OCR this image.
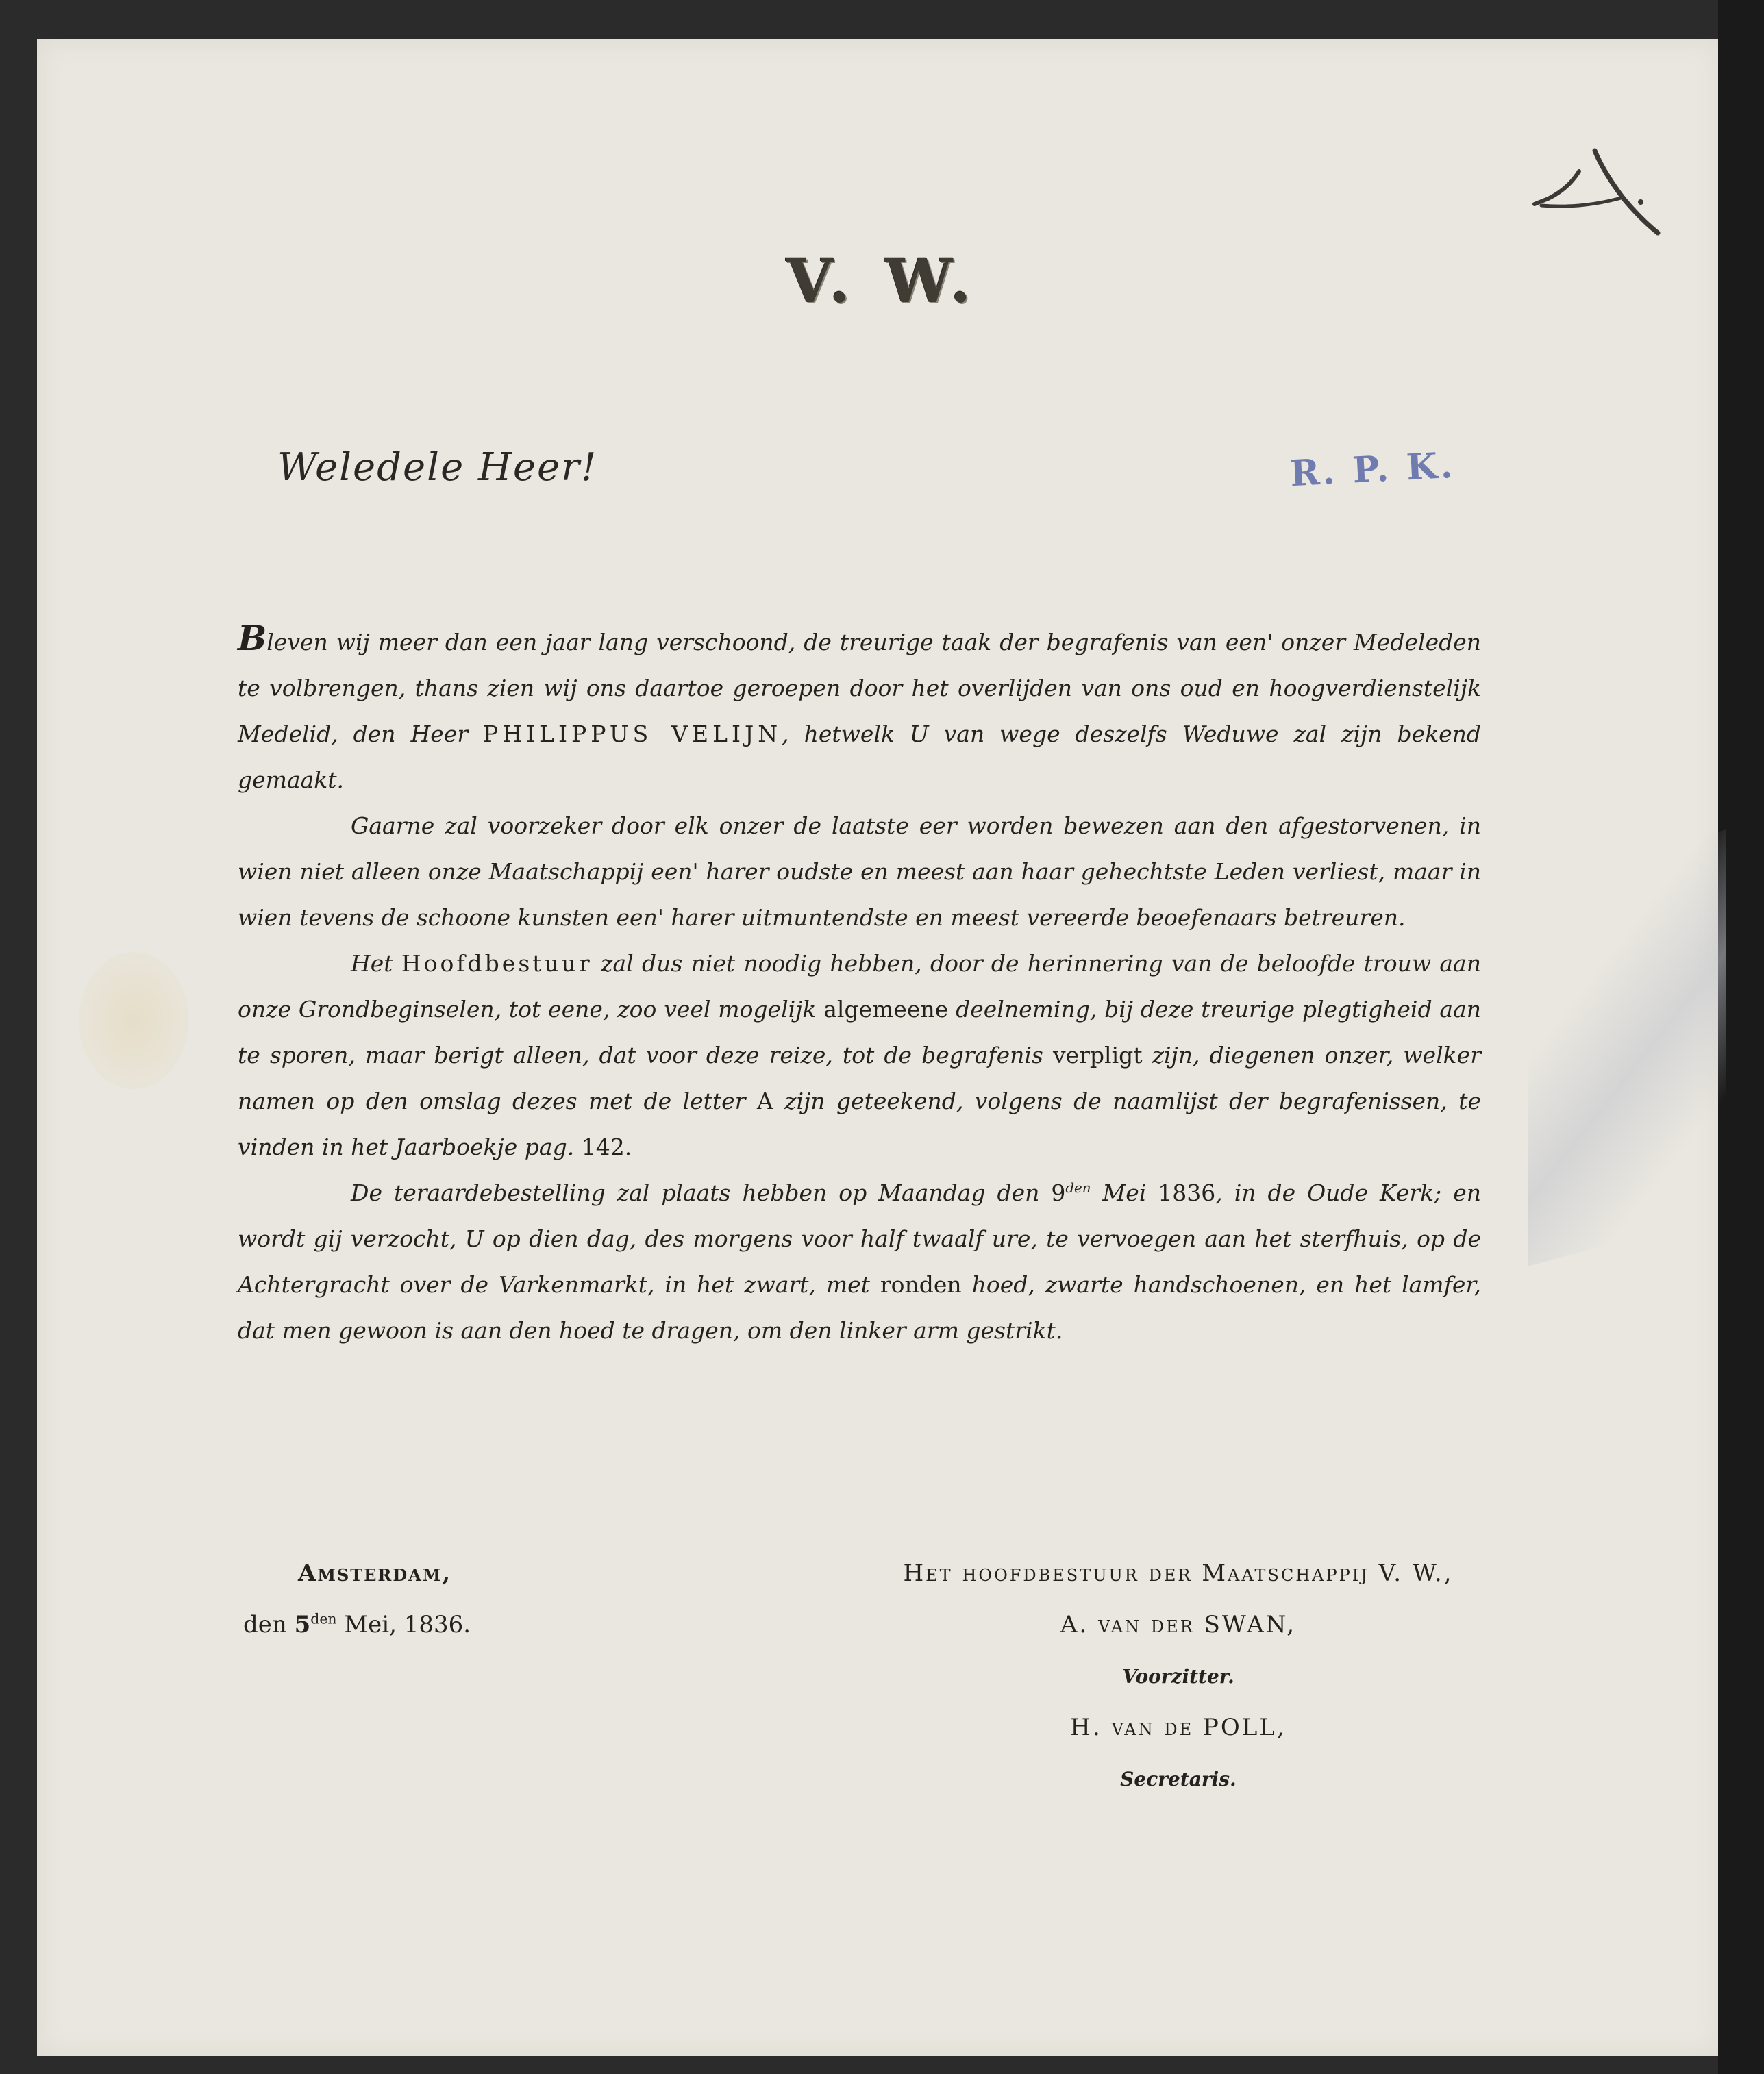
V. W.
Weledele Heer!	R. P. K.

Bleven wij meer dan een jaar lang verschoond, de treurige taak der begrafenis van een' onzer Medeleden te volbrengen, thans zien wij ons daartoe geroepen door het overlijden van ons oud en hoogverdienstelijk Medelid, den Heer PHILIPPUS VELIJN, hetwelk U van wege deszelfs Weduwe zal zijn bekend gemaakt.

Gaarne zal voorzeker door elk onzer de laatste eer worden bewezen aan den afgestorvenen, in wien niet alleen onze Maatschappij een' harer oudste en meest aan haar gehechtste Leden verliest, maar in wien tevens de schoone kunsten een' harer uitmuntendste en meest vereerde beoefenaars betreuren.

Het Hoofdbestuur zal dus niet noodig hebben, door de herinnering van de beloofde trouw aan onze Grondbeginselen, tot eene, zoo veel mogelijk algemeene deelneming, bij deze treurige plegtigheid aan te sporen, maar berigt alleen, dat voor deze reize, tot de begrafenis verpligt zijn, diegenen onzer, welker namen op den omslag dezes met de letter A zijn geteekend, volgens de naamlijst der begrafenissen, te vinden in het Jaarboekje pag. 142.

De teraardebestelling zal plaats hebben op Maandag den $9^{den}$ Mei 1836, in de Oude Kerk; en wordt gij verzocht, U op dien dag, des morgens voor half twaalf ure, te vervoegen aan het sterfhuis, op de Achtergracht over de Varkenmarkt, in het zwart, met ronden hoed, zwarte handschoenen, en het lamfer, dat men gewoon is aan den hoed te dragen, om den linker arm gestrikt.

Amsterdam,
den $5^{den}$ Mei, 1836.
Het hoofdbestuur der Maatschappij V. W.,
A. van der SWAN,
Voorzitter.
H. van de POLL,
Secretaris.
